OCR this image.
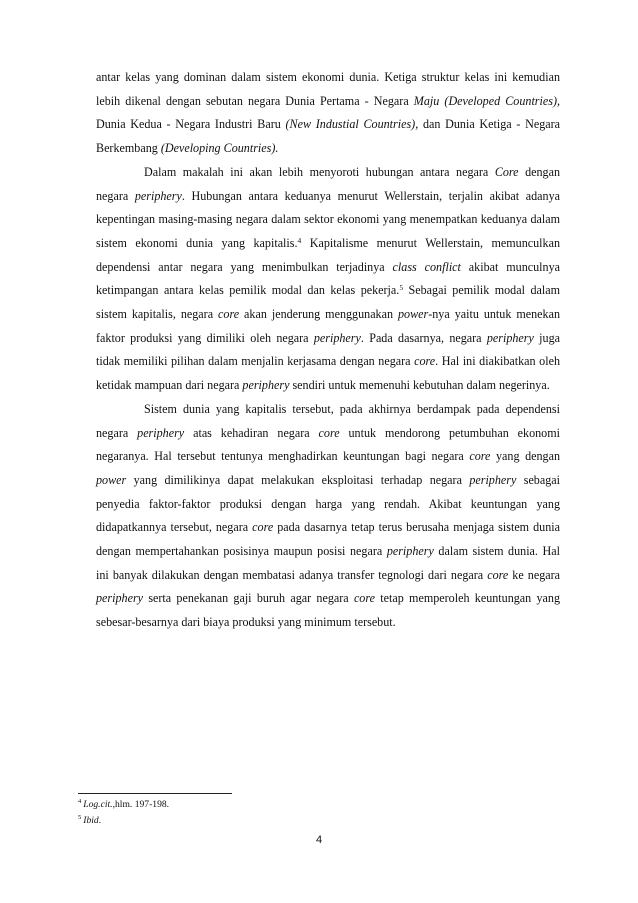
antar kelas yang dominan dalam sistem ekonomi dunia. Ketiga struktur kelas ini kemudian lebih dikenal dengan sebutan negara Dunia Pertama - Negara Maju (Developed Countries), Dunia Kedua - Negara Industri Baru (New Industial Countries), dan Dunia Ketiga - Negara Berkembang (Developing Countries).

Dalam makalah ini akan lebih menyoroti hubungan antara negara Core dengan negara periphery. Hubungan antara keduanya menurut Wellerstain, terjalin akibat adanya kepentingan masing-masing negara dalam sektor ekonomi yang menempatkan keduanya dalam sistem ekonomi dunia yang kapitalis.$^4$ Kapitalisme menurut Wellerstain, memunculkan dependensi antar negara yang menimbulkan terjadinya class conflict akibat munculnya ketimpangan antara kelas pemilik modal dan kelas pekerja.$^5$ Sebagai pemilik modal dalam sistem kapitalis, negara core akan jenderung menggunakan power-nya yaitu untuk menekan faktor produksi yang dimiliki oleh negara periphery. Pada dasarnya, negara periphery juga tidak memiliki pilihan dalam menjalin kerjasama dengan negara core. Hal ini diakibatkan oleh ketidak mampuan dari negara periphery sendiri untuk memenuhi kebutuhan dalam negerinya.

Sistem dunia yang kapitalis tersebut, pada akhirnya berdampak pada dependensi negara periphery atas kehadiran negara core untuk mendorong petumbuhan ekonomi negaranya. Hal tersebut tentunya menghadirkan keuntungan bagi negara core yang dengan power yang dimilikinya dapat melakukan eksploitasi terhadap negara periphery sebagai penyedia faktor-faktor produksi dengan harga yang rendah. Akibat keuntungan yang didapatkannya tersebut, negara core pada dasarnya tetap terus berusaha menjaga sistem dunia dengan mempertahankan posisinya maupun posisi negara periphery dalam sistem dunia. Hal ini banyak dilakukan dengan membatasi adanya transfer tegnologi dari negara core ke negara periphery serta penekanan gaji buruh agar negara core tetap memperoleh keuntungan yang sebesar-besarnya dari biaya produksi yang minimum tersebut.

$^4$ Log.cit.,hlm. 197-198.
$^5$ Ibid.
4
